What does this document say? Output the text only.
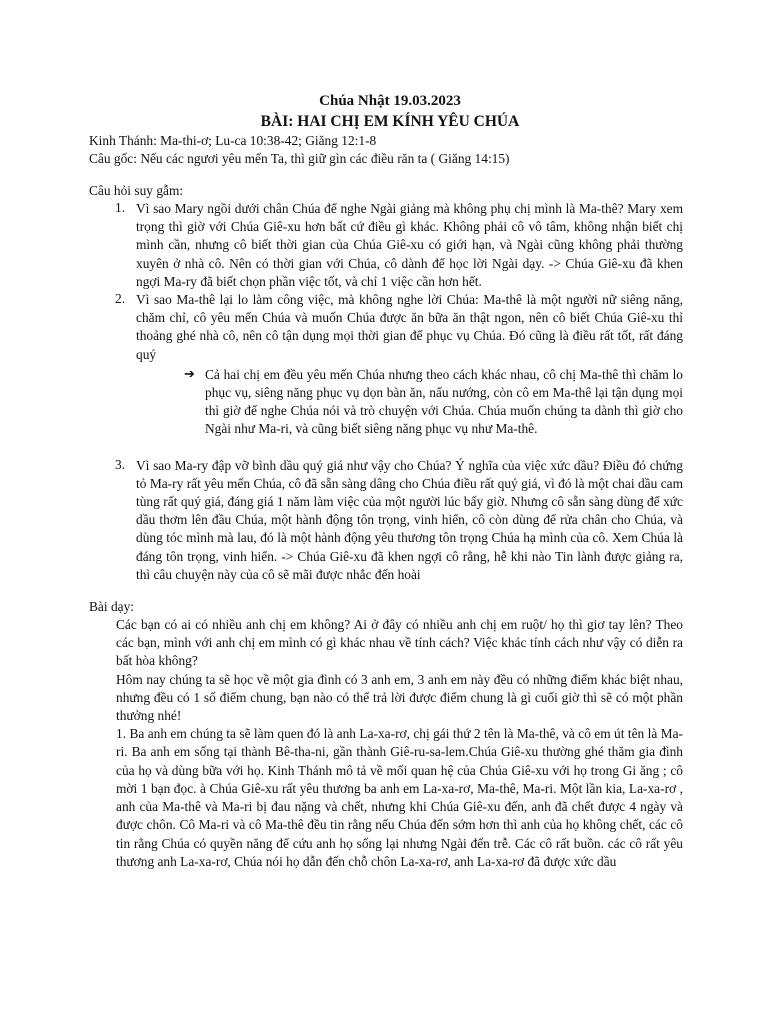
Chúa Nhật 19.03.2023

BÀI: HAI CHỊ EM KÍNH YÊU CHÚA

Kinh Thánh: Ma-thi-ơ; Lu-ca 10:38-42; Giăng 12:1-8

Câu gốc: Nếu các ngươi yêu mến Ta, thì giữ gìn các điều răn ta ( Giăng 14:15)

Câu hỏi suy gẫm:

1. Vì sao Mary ngồi dưới chân Chúa để nghe Ngài giảng mà không phụ chị mình là Ma-thê? Mary xem trọng thì giờ với Chúa Giê-xu hơn bất cứ điều gì khác. Không phải cô vô tâm, không nhận biết chị mình cần, nhưng cô biết thời gian của Chúa Giê-xu có giới hạn, và Ngài cũng không phải thường xuyên ở nhà cô. Nên có thời gian với Chúa, cô dành để học lời Ngài dạy. -> Chúa Giê-xu đã khen ngợi Ma-ry đã biết chọn phần việc tốt, và chỉ 1 việc cần hơn hết.

2. Vì sao Ma-thê lại lo làm công việc, mà không nghe lời Chúa: Ma-thê là một người nữ siêng năng, chăm chỉ, cô yêu mến Chúa và muốn Chúa được ăn bữa ăn thật ngon, nên cô biết Chúa Giê-xu thỉ thoảng ghé nhà cô, nên cô tận dụng mọi thời gian để phục vụ Chúa. Đó cũng là điều rất tốt, rất đáng quý

➔ Cả hai chị em đều yêu mến Chúa nhưng theo cách khác nhau, cô chị Ma-thê thì chăm lo phục vụ, siêng năng phục vụ dọn bàn ăn, nấu nướng, còn cô em Ma-thê lại tận dụng mọi thì giờ để nghe Chúa nói và trò chuyện với Chúa. Chúa muốn chúng ta dành thì giờ cho Ngài như Ma-ri, và cũng biết siêng năng phục vụ như Ma-thê.

3. Vì sao Ma-ry đập vỡ bình dầu quý giá như vậy cho Chúa? Ý nghĩa của việc xức dầu? Điều đó chứng tỏ Ma-ry rất yêu mến Chúa, cô đã sẵn sàng dâng cho Chúa điều rất quý giá, vì đó là một chai dầu cam tùng rất quý giá, đáng giá 1 năm làm việc của một người lúc bấy giờ. Nhưng cô sẵn sàng dùng để xức dầu thơm lên đầu Chúa, một hành động tôn trọng, vinh hiển, cô còn dùng để rửa chân cho Chúa, và dùng tóc mình mà lau, đó là một hành động yêu thương tôn trọng Chúa hạ mình của cô. Xem Chúa là đáng tôn trọng, vinh hiển. -> Chúa Giê-xu đã khen ngợi cô rằng, hễ khi nào Tin lành được giảng ra, thì câu chuyện này của cô sẽ mãi được nhắc đến hoài

Bài dạy:

Các bạn có ai có nhiều anh chị em không? Ai ở đây có nhiều anh chị em ruột/ họ thì giơ tay lên? Theo các bạn, mình với anh chị em mình có gì khác nhau về tính cách? Việc khác tính cách như vậy có diễn ra bất hòa không?

Hôm nay chúng ta sẽ học về một gia đình có 3 anh em, 3 anh em này đều có những điểm khác biệt nhau, nhưng đều có 1 số điểm chung, bạn nào có thể trả lời được điểm chung là gì cuối giờ thì sẽ có một phần thưởng nhé!

1. Ba anh em chúng ta sẽ làm quen đó là anh La-xa-rơ, chị gái thứ 2 tên là Ma-thê, và cô em út tên là Ma-ri. Ba anh em sống tại thành Bê-tha-ni, gần thành Giê-ru-sa-lem.Chúa Giê-xu thường ghé thăm gia đình của họ và dùng bữa với họ. Kinh Thánh mô tả về mối quan hệ của Chúa Giê-xu với họ trong Gi ăng ; cô mời 1 bạn đọc. à Chúa Giê-xu rất yêu thương ba anh em La-xa-rơ, Ma-thê, Ma-ri. Một lần kia, La-xa-rơ , anh của Ma-thê và Ma-ri bị đau nặng và chết, nhưng khi Chúa Giê-xu đến, anh đã chết được 4 ngày và được chôn. Cô Ma-ri và cô Ma-thê đều tin rằng nếu Chúa đến sớm hơn thì anh của họ không chết, các cô tin rằng Chúa có quyền năng để cứu anh họ sống lại nhưng Ngài đến trễ. Các cô rất buồn. các cô rất yêu thương anh La-xa-rơ, Chúa nói họ dẫn đến chỗ chôn La-xa-rơ, anh La-xa-rơ đã được xức dầu
